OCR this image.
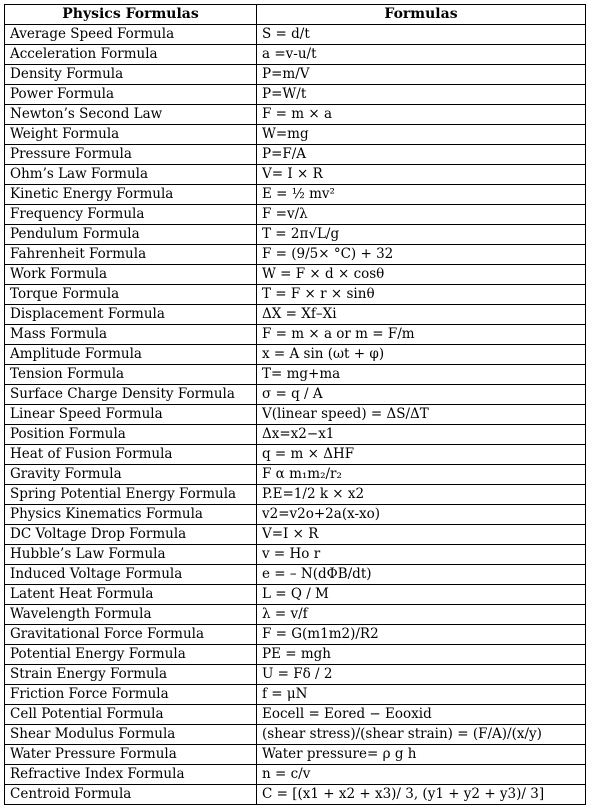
Physics Formulas	Formulas
Average Speed Formula	S = d/t
Acceleration Formula	a =v-u/t
Density Formula	P=m/V
Power Formula	P=W/t
Newton’s Second Law	F = m × a
Weight Formula	W=mg
Pressure Formula	P=F/A
Ohm’s Law Formula	V= I × R
Kinetic Energy Formula	E = ½ mv²
Frequency Formula	F =v/λ
Pendulum Formula	T = 2π√L/g
Fahrenheit Formula	F = (9/5× °C) + 32
Work Formula	W = F × d × cosθ
Torque Formula	T = F × r × sinθ
Displacement Formula	ΔX = Xf–Xi
Mass Formula	F = m × a or m = F/m
Amplitude Formula	x = A sin (ωt + φ)
Tension Formula	T= mg+ma
Surface Charge Density Formula	σ = q / A
Linear Speed Formula	V(linear speed) = ΔS/ΔT
Position Formula	Δx=x2−x1
Heat of Fusion Formula	q = m × ΔHF
Gravity Formula	F α m₁m₂/r₂
Spring Potential Energy Formula	P.E=1/2 k × x2
Physics Kinematics Formula	v2=v2o+2a(x-xo)
DC Voltage Drop Formula	V=I × R
Hubble’s Law Formula	v = Ho r
Induced Voltage Formula	e = – N(dΦB/dt)
Latent Heat Formula	L = Q / M
Wavelength Formula	λ = v/f
Gravitational Force Formula	F = G(m1m2)/R2
Potential Energy Formula	PE = mgh
Strain Energy Formula	U = Fδ / 2
Friction Force Formula	f = μN
Cell Potential Formula	Eocell = Eored − Eooxid
Shear Modulus Formula	(shear stress)/(shear strain) = (F/A)/(x/y)
Water Pressure Formula	Water pressure= ρ g h
Refractive Index Formula	n = c/v
Centroid Formula	C = [(x1 + x2 + x3)/ 3, (y1 + y2 + y3)/ 3]
